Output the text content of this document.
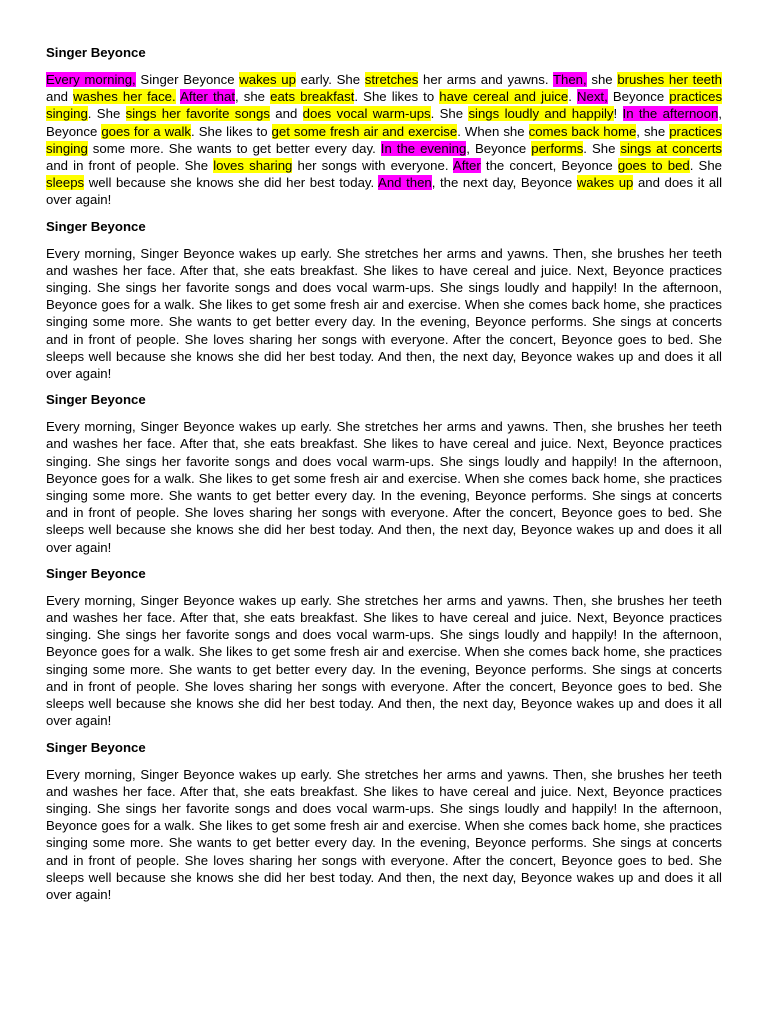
Singer Beyonce
Every morning, Singer Beyonce wakes up early. She stretches her arms and yawns. Then, she brushes her teeth and washes her face. After that, she eats breakfast. She likes to have cereal and juice. Next, Beyonce practices singing. She sings her favorite songs and does vocal warm-ups. She sings loudly and happily! In the afternoon, Beyonce goes for a walk. She likes to get some fresh air and exercise. When she comes back home, she practices singing some more. She wants to get better every day. In the evening, Beyonce performs. She sings at concerts and in front of people. She loves sharing her songs with everyone. After the concert, Beyonce goes to bed. She sleeps well because she knows she did her best today. And then, the next day, Beyonce wakes up and does it all over again!
Singer Beyonce
Every morning, Singer Beyonce wakes up early. She stretches her arms and yawns. Then, she brushes her teeth and washes her face. After that, she eats breakfast. She likes to have cereal and juice. Next, Beyonce practices singing. She sings her favorite songs and does vocal warm-ups. She sings loudly and happily! In the afternoon, Beyonce goes for a walk. She likes to get some fresh air and exercise. When she comes back home, she practices singing some more. She wants to get better every day. In the evening, Beyonce performs. She sings at concerts and in front of people. She loves sharing her songs with everyone. After the concert, Beyonce goes to bed. She sleeps well because she knows she did her best today. And then, the next day, Beyonce wakes up and does it all over again!
Singer Beyonce
Every morning, Singer Beyonce wakes up early. She stretches her arms and yawns. Then, she brushes her teeth and washes her face. After that, she eats breakfast. She likes to have cereal and juice. Next, Beyonce practices singing. She sings her favorite songs and does vocal warm-ups. She sings loudly and happily! In the afternoon, Beyonce goes for a walk. She likes to get some fresh air and exercise. When she comes back home, she practices singing some more. She wants to get better every day. In the evening, Beyonce performs. She sings at concerts and in front of people. She loves sharing her songs with everyone. After the concert, Beyonce goes to bed. She sleeps well because she knows she did her best today. And then, the next day, Beyonce wakes up and does it all over again!
Singer Beyonce
Every morning, Singer Beyonce wakes up early. She stretches her arms and yawns. Then, she brushes her teeth and washes her face. After that, she eats breakfast. She likes to have cereal and juice. Next, Beyonce practices singing. She sings her favorite songs and does vocal warm-ups. She sings loudly and happily! In the afternoon, Beyonce goes for a walk. She likes to get some fresh air and exercise. When she comes back home, she practices singing some more. She wants to get better every day. In the evening, Beyonce performs. She sings at concerts and in front of people. She loves sharing her songs with everyone. After the concert, Beyonce goes to bed. She sleeps well because she knows she did her best today. And then, the next day, Beyonce wakes up and does it all over again!
Singer Beyonce
Every morning, Singer Beyonce wakes up early. She stretches her arms and yawns. Then, she brushes her teeth and washes her face. After that, she eats breakfast. She likes to have cereal and juice. Next, Beyonce practices singing. She sings her favorite songs and does vocal warm-ups. She sings loudly and happily! In the afternoon, Beyonce goes for a walk. She likes to get some fresh air and exercise. When she comes back home, she practices singing some more. She wants to get better every day. In the evening, Beyonce performs. She sings at concerts and in front of people. She loves sharing her songs with everyone. After the concert, Beyonce goes to bed. She sleeps well because she knows she did her best today. And then, the next day, Beyonce wakes up and does it all over again!
